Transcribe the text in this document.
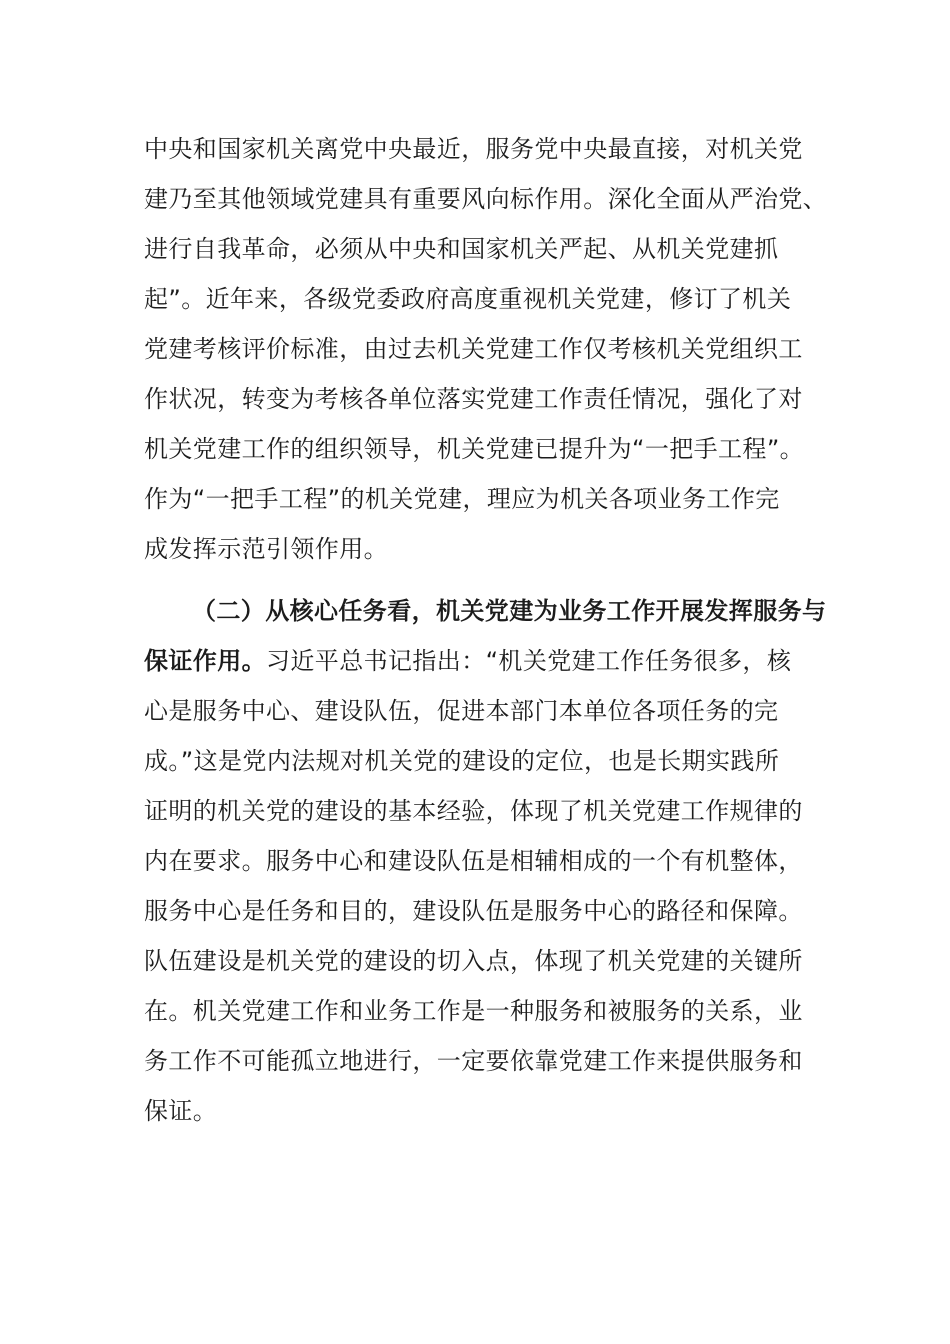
中央和国家机关离党中央最近，服务党中央最直接，对机关党
建乃至其他领域党建具有重要风向标作用。深化全面从严治党、
进行自我革命，必须从中央和国家机关严起、从机关党建抓
起”。近年来，各级党委政府高度重视机关党建，修订了机关
党建考核评价标准，由过去机关党建工作仅考核机关党组织工
作状况，转变为考核各单位落实党建工作责任情况，强化了对
机关党建工作的组织领导，机关党建已提升为“一把手工程”。
作为“一把手工程”的机关党建，理应为机关各项业务工作完
成发挥示范引领作用。
（二）从核心任务看，机关党建为业务工作开展发挥服务与
保证作用。习近平总书记指出：“机关党建工作任务很多，核
心是服务中心、建设队伍，促进本部门本单位各项任务的完
成。”这是党内法规对机关党的建设的定位，也是长期实践所
证明的机关党的建设的基本经验，体现了机关党建工作规律的
内在要求。服务中心和建设队伍是相辅相成的一个有机整体，
服务中心是任务和目的，建设队伍是服务中心的路径和保障。
队伍建设是机关党的建设的切入点，体现了机关党建的关键所
在。机关党建工作和业务工作是一种服务和被服务的关系，业
务工作不可能孤立地进行，一定要依靠党建工作来提供服务和
保证。
